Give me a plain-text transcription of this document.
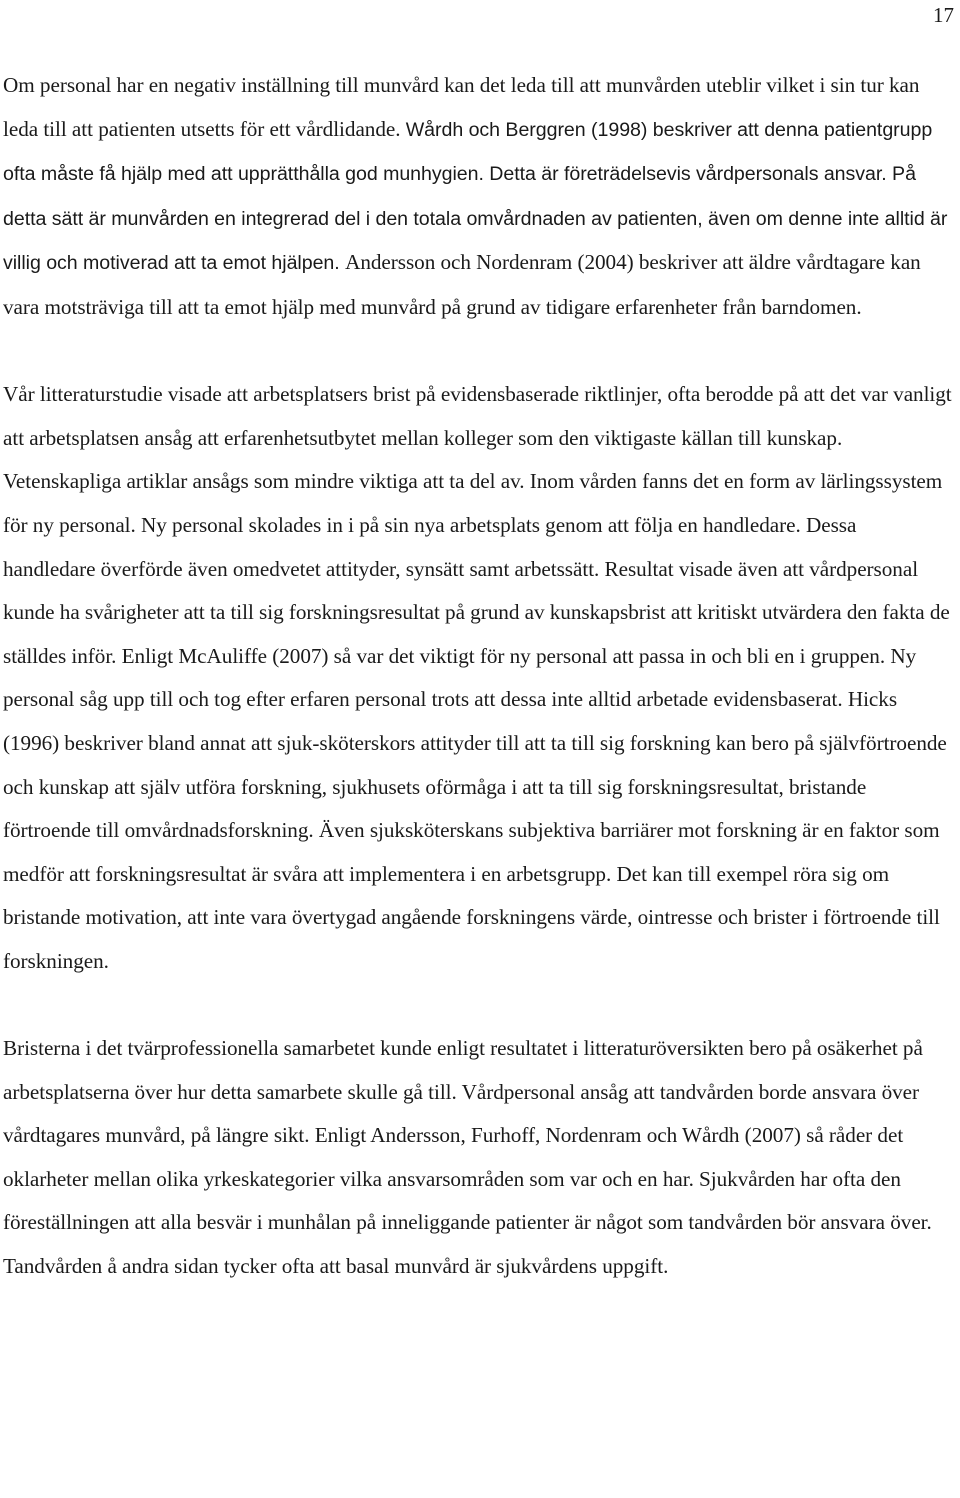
17

Om personal har en negativ inställning till munvård kan det leda till att munvården uteblir vilket i sin tur kan leda till att patienten utsetts för ett vårdlidande. Wårdh och Berggren (1998) beskriver att denna patientgrupp ofta måste få hjälp med att upprätthålla god munhygien. Detta är företrädelsevis vårdpersonals ansvar. På detta sätt är munvården en integrerad del i den totala omvårdnaden av patienten, även om denne inte alltid är villig och motiverad att ta emot hjälpen. Andersson och Nordenram (2004) beskriver att äldre vårdtagare kan vara motsträviga till att ta emot hjälp med munvård på grund av tidigare erfarenheter från barndomen.

Vår litteraturstudie visade att arbetsplatsers brist på evidensbaserade riktlinjer, ofta berodde på att det var vanligt att arbetsplatsen ansåg att erfarenhetsutbytet mellan kolleger som den viktigaste källan till kunskap. Vetenskapliga artiklar ansågs som mindre viktiga att ta del av. Inom vården fanns det en form av lärlingssystem för ny personal. Ny personal skolades in i på sin nya arbetsplats genom att följa en handledare. Dessa handledare överförde även omedvetet attityder, synsätt samt arbetssätt. Resultat visade även att vårdpersonal kunde ha svårigheter att ta till sig forskningsresultat på grund av kunskapsbrist att kritiskt utvärdera den fakta de ställdes inför. Enligt McAuliffe (2007) så var det viktigt för ny personal att passa in och bli en i gruppen. Ny personal såg upp till och tog efter erfaren personal trots att dessa inte alltid arbetade evidensbaserat. Hicks (1996) beskriver bland annat att sjuk-sköterskors attityder till att ta till sig forskning kan bero på självförtroende och kunskap att själv utföra forskning, sjukhusets oförmåga i att ta till sig forskningsresultat, bristande förtroende till omvårdnadsforskning. Även sjuksköterskans subjektiva barriärer mot forskning är en faktor som medför att forskningsresultat är svåra att implementera i en arbetsgrupp. Det kan till exempel röra sig om bristande motivation, att inte vara övertygad angående forskningens värde, ointresse och brister i förtroende till forskningen.

Bristerna i det tvärprofessionella samarbetet kunde enligt resultatet i litteraturöversikten bero på osäkerhet på arbetsplatserna över hur detta samarbete skulle gå till. Vårdpersonal ansåg att tandvården borde ansvara över vårdtagares munvård, på längre sikt. Enligt Andersson, Furhoff, Nordenram och Wårdh (2007) så råder det oklarheter mellan olika yrkeskategorier vilka ansvarsområden som var och en har. Sjukvården har ofta den föreställningen att alla besvär i munhålan på inneliggande patienter är något som tandvården bör ansvara över. Tandvården å andra sidan tycker ofta att basal munvård är sjukvårdens uppgift.
